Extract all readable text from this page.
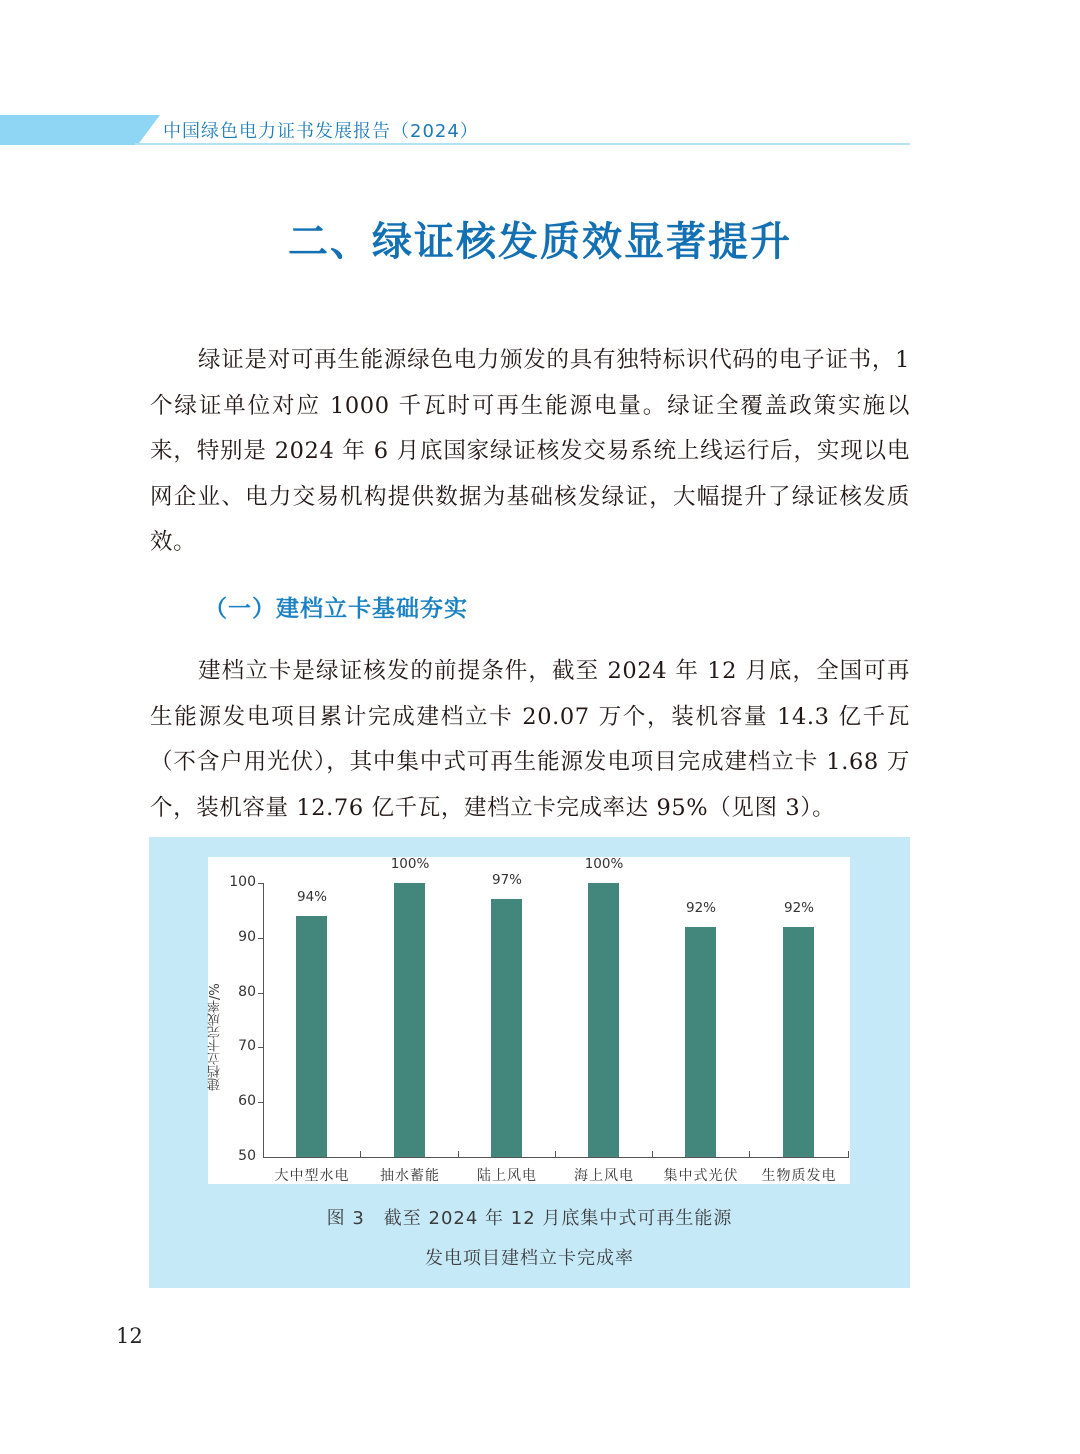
中国绿色电力证书发展报告（2024）
二、绿证核发质效显著提升
绿证是对可再生能源绿色电力颁发的具有独特标识代码的电子证书，1 个绿证单位对应 1000 千瓦时可再生能源电量。绿证全覆盖政策实施以来，特别是 2024 年 6 月底国家绿证核发交易系统上线运行后，实现以电网企业、电力交易机构提供数据为基础核发绿证，大幅提升了绿证核发质效。
（一）建档立卡基础夯实
建档立卡是绿证核发的前提条件，截至 2024 年 12 月底，全国可再生能源发电项目累计完成建档立卡 20.07 万个，装机容量 14.3 亿千瓦（不含户用光伏），其中集中式可再生能源发电项目完成建档立卡 1.68 万个，装机容量 12.76 亿千瓦，建档立卡完成率达 95%（见图 3）。
建档立卡完成率/%
100
90
80
70
60
50
94%
100%
97%
100%
92%	92%
大中型水电	抽水蓄能	陆上风电	海上风电	集中式光伏	生物质发电
图 3　截至 2024 年 12 月底集中式可再生能源
发电项目建档立卡完成率
12
